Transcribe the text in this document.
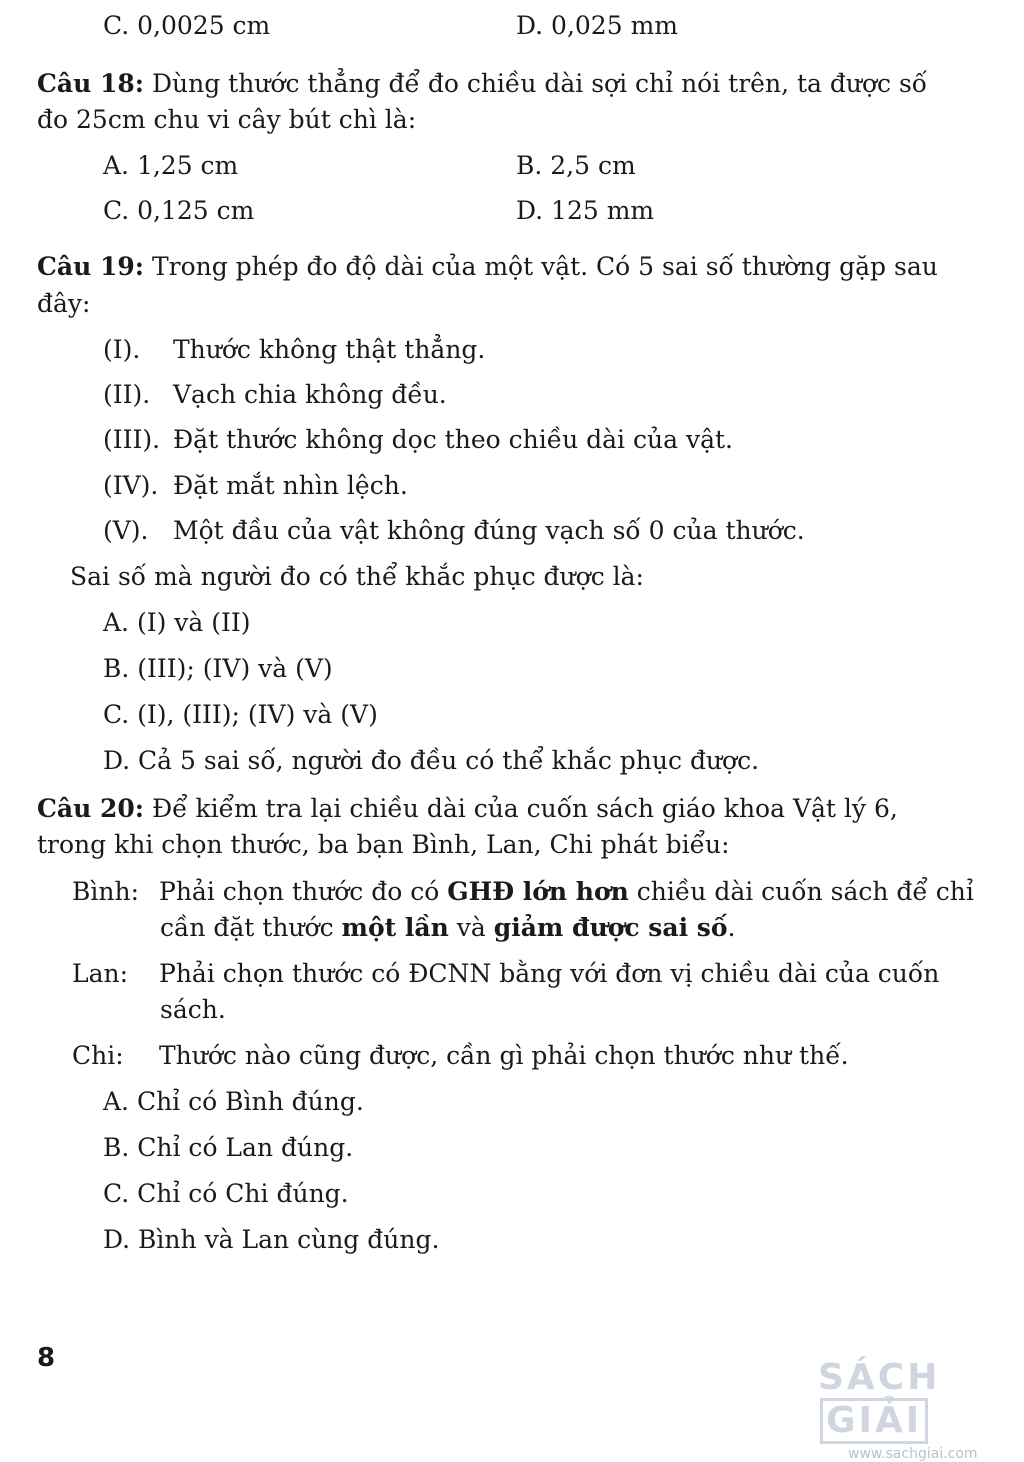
C. 0,0025 cm	D. 0,025 mm
Câu 18: Dùng thước thẳng để đo chiều dài sợi chỉ nói trên, ta được số
đo 25cm chu vi cây bút chì là:
A. 1,25 cm	B. 2,5 cm
C. 0,125 cm	D. 125 mm
Câu 19: Trong phép đo độ dài của một vật. Có 5 sai số thường gặp sau
đây:
(I). Thước không thật thẳng.
(II). Vạch chia không đều.
(III). Đặt thước không dọc theo chiều dài của vật.
(IV). Đặt mắt nhìn lệch.
(V). Một đầu của vật không đúng vạch số 0 của thước.
Sai số mà người đo có thể khắc phục được là:
A. (I) và (II)
B. (III); (IV) và (V)
C. (I), (III); (IV) và (V)
D. Cả 5 sai số, người đo đều có thể khắc phục được.
Câu 20: Để kiểm tra lại chiều dài của cuốn sách giáo khoa Vật lý 6,
trong khi chọn thước, ba bạn Bình, Lan, Chi phát biểu:
Bình: Phải chọn thước đo có GHĐ lớn hơn chiều dài cuốn sách để chỉ
cần đặt thước một lần và giảm được sai số.
Lan: Phải chọn thước có ĐCNN bằng với đơn vị chiều dài của cuốn
sách.
Chi: Thước nào cũng được, cần gì phải chọn thước như thế.
A. Chỉ có Bình đúng.
B. Chỉ có Lan đúng.
C. Chỉ có Chi đúng.
D. Bình và Lan cùng đúng.
8	SÁCHGIẢI
www.sachgiai.com
